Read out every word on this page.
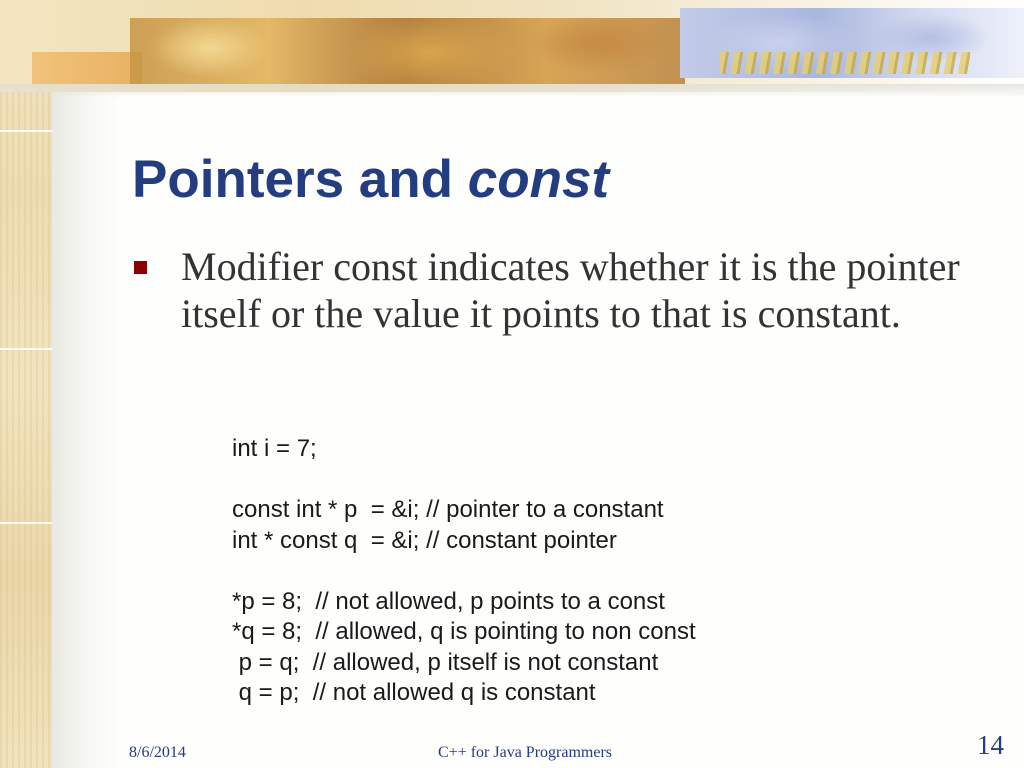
Pointers and const
Modifier const indicates whether it is the pointer itself or the value it points to that is constant.
int i = 7;
const int * p  = &i; // pointer to a constant
int * const q  = &i; // constant pointer
*p = 8;  // not allowed, p points to a const
*q = 8;  // allowed, q is pointing to non const
p = q;  // allowed, p itself is not constant
q = p;  // not allowed q is constant
8/6/2014	C++ for Java Programmers	14
